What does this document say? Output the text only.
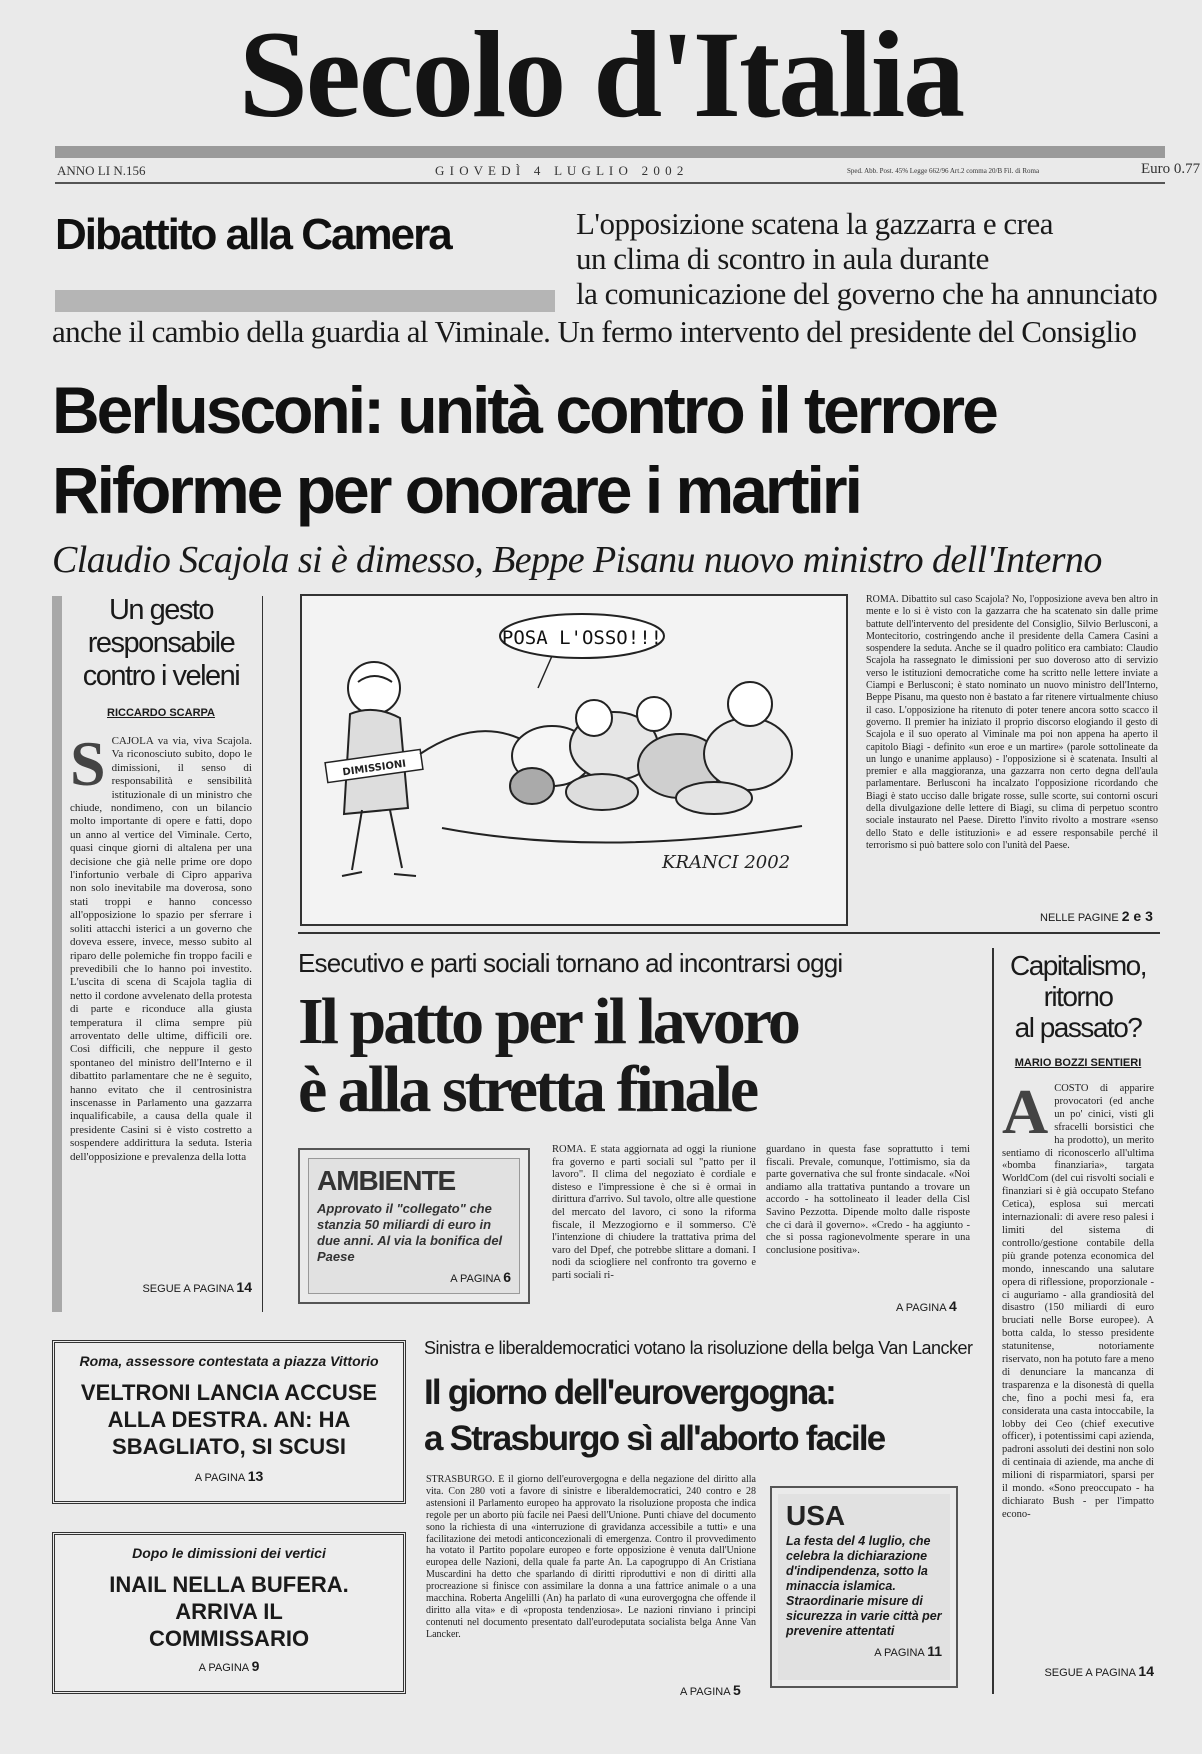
Secolo d'Italia
ANNO LI N.156	G I O V E D Ì   4   L U G L I O   2 0 0 2	Sped. Abb. Post. 45% Legge 662/96 Art.2 comma 20/B Fil. di Roma	Euro 0.77
Dibattito alla Camera	L'opposizione scatena la gazzarra e crea
un clima di scontro in aula durante
la comunicazione del governo che ha annunciato
anche il cambio della guardia al Viminale. Un fermo intervento del presidente del Consiglio
Berlusconi: unità contro il terrore
Riforme per onorare i martiri
Claudio Scajola si è dimesso, Beppe Pisanu nuovo ministro dell'Interno
Un gesto
responsabile
contro i veleni
RICCARDO SCARPA
S CAJOLA va via, viva Scajola. Va riconosciuto subito, dopo le dimissioni, il senso di responsabilità e sensibilità istituzionale di un ministro che chiude, nondimeno, con un bilancio molto importante di opere e fatti, dopo un anno al vertice del Viminale. Certo, quasi cinque giorni di altalena per una decisione che già nelle prime ore dopo l'infortunio verbale di Cipro appariva non solo inevitabile ma doverosa, sono stati troppi e hanno concesso all'opposizione lo spazio per sferrare i soliti attacchi isterici a un governo che doveva essere, invece, messo subito al riparo delle polemiche fin troppo facili e prevedibili che lo hanno poi investito. L'uscita di scena di Scajola taglia di netto il cordone avvelenato della protesta di parte e riconduce alla giusta temperatura il clima sempre più arroventato delle ultime, difficili ore. Così difficili, che neppure il gesto spontaneo del ministro dell'Interno e il dibattito parlamentare che ne è seguito, hanno evitato che il centrosinistra inscenasse in Parlamento una gazzarra inqualificabile, a causa della quale il presidente Casini si è visto costretto a sospendere addirittura la seduta. Isteria dell'opposizione e prevalenza della lotta
SEGUE A PAGINA 14
POSA L'OSSO!!!
DIMISSIONI
KRANCI 2002
ROMA. Dibattito sul caso Scajola? No, l'opposizione aveva ben altro in mente e lo si è visto con la gazzarra che ha scatenato sin dalle prime battute dell'intervento del presidente del Consiglio, Silvio Berlusconi, a Montecitorio, costringendo anche il presidente della Camera Casini a sospendere la seduta. Anche se il quadro politico era cambiato: Claudio Scajola ha rassegnato le dimissioni per suo doveroso atto di servizio verso le istituzioni democratiche come ha scritto nelle lettere inviate a Ciampi e Berlusconi; è stato nominato un nuovo ministro dell'Interno, Beppe Pisanu, ma questo non è bastato a far ritenere virtualmente chiuso il caso. L'opposizione ha ritenuto di poter tenere ancora sotto scacco il governo. Il premier ha iniziato il proprio discorso elogiando il gesto di Scajola e il suo operato al Viminale ma poi non appena ha aperto il capitolo Biagi - definito «un eroe e un martire» (parole sottolineate da un lungo e unanime applauso) - l'opposizione si è scatenata. Insulti al premier e alla maggioranza, una gazzarra non certo degna dell'aula parlamentare. Berlusconi ha incalzato l'opposizione ricordando che Biagi è stato ucciso dalle brigate rosse, sulle scorte, sui contorni oscuri della divulgazione delle lettere di Biagi, su clima di perpetuo scontro sociale instaurato nel Paese. Diretto l'invito rivolto a mostrare «senso dello Stato e delle istituzioni» e ad essere responsabile perché il terrorismo si può battere solo con l'unità del Paese.
NELLE PAGINE 2 e 3
Esecutivo e parti sociali tornano ad incontrarsi oggi
Il patto per il lavoro
è alla stretta finale
AMBIENTE
Approvato il "collegato" che stanzia 50 miliardi di euro in due anni. Al via la bonifica del Paese
A PAGINA 6
ROMA. È stata aggiornata ad oggi la riunione fra governo e parti sociali sul "patto per il lavoro". Il clima del negoziato è cordiale e disteso e l'impressione è che si è ormai in dirittura d'arrivo. Sul tavolo, oltre alle questione del mercato del lavoro, ci sono la riforma fiscale, il Mezzogiorno e il sommerso. C'è l'intenzione di chiudere la trattativa prima del varo del Dpef, che potrebbe slittare a domani. I nodi da sciogliere nel confronto tra governo e parti sociali ri-
guardano in questa fase soprattutto i temi fiscali. Prevale, comunque, l'ottimismo, sia da parte governativa che sul fronte sindacale. «Noi andiamo alla trattativa puntando a trovare un accordo - ha sottolineato il leader della Cisl Savino Pezzotta. Dipende molto dalle risposte che ci darà il governo». «Credo - ha aggiunto - che si possa ragionevolmente sperare in una conclusione positiva».
A PAGINA 4
Capitalismo,
ritorno
al passato?
MARIO BOZZI SENTIERI
A COSTO di apparire provocatori (ed anche un po' cinici, visti gli sfracelli borsistici che ha prodotto), un merito sentiamo di riconoscerlo all'ultima «bomba finanziaria», targata WorldCom (del cui risvolti sociali e finanziari si è già occupato Stefano Cetica), esplosa sui mercati internazionali: di avere reso palesi i limiti del sistema di controllo/gestione contabile della più grande potenza economica del mondo, innescando una salutare opera di riflessione, proporzionale - ci auguriamo - alla grandiosità del disastro (150 miliardi di euro bruciati nelle Borse europee). A botta calda, lo stesso presidente statunitense, notoriamente riservato, non ha potuto fare a meno di denunciare la mancanza di trasparenza e la disonestà di quella che, fino a pochi mesi fa, era considerata una casta intoccabile, la lobby dei Ceo (chief executive officer), i potentissimi capi azienda, padroni assoluti dei destini non solo di centinaia di aziende, ma anche di milioni di risparmiatori, sparsi per il mondo. «Sono preoccupato - ha dichiarato Bush - per l'impatto econo-
SEGUE A PAGINA 14
Roma, assessore contestata a piazza Vittorio
VELTRONI LANCIA ACCUSE ALLA DESTRA. AN: HA SBAGLIATO, SI SCUSI
A PAGINA 13
Dopo le dimissioni dei vertici
INAIL NELLA BUFERA. ARRIVA IL COMMISSARIO
A PAGINA 9
Sinistra e liberaldemocratici votano la risoluzione della belga Van Lancker
Il giorno dell'eurovergogna:
a Strasburgo sì all'aborto facile
STRASBURGO. È il giorno dell'eurovergogna e della negazione del diritto alla vita. Con 280 voti a favore di sinistre e liberaldemocratici, 240 contro e 28 astensioni il Parlamento europeo ha approvato la risoluzione proposta che indica regole per un aborto più facile nei Paesi dell'Unione. Punti chiave del documento sono la richiesta di una «interruzione di gravidanza accessibile a tutti» e una facilitazione dei metodi anticoncezionali di emergenza. Contro il provvedimento ha votato il Partito popolare europeo e forte opposizione è venuta dall'Unione europea delle Nazioni, della quale fa parte An. La capogruppo di An Cristiana Muscardini ha detto che sparlando di diritti riproduttivi e non di diritti alla procreazione si finisce con assimilare la donna a una fattrice animale o a una macchina. Roberta Angelilli (An) ha parlato di «una eurovergogna che offende il diritto alla vita» e di «proposta tendenziosa». Le nazioni rinviano i principi contenuti nel documento presentato dall'eurodeputata socialista belga Anne Van Lancker.
A PAGINA 5
USA
La festa del 4 luglio, che celebra la dichiarazione d'indipendenza, sotto la minaccia islamica. Straordinarie misure di sicurezza in varie città per prevenire attentati
A PAGINA 11
